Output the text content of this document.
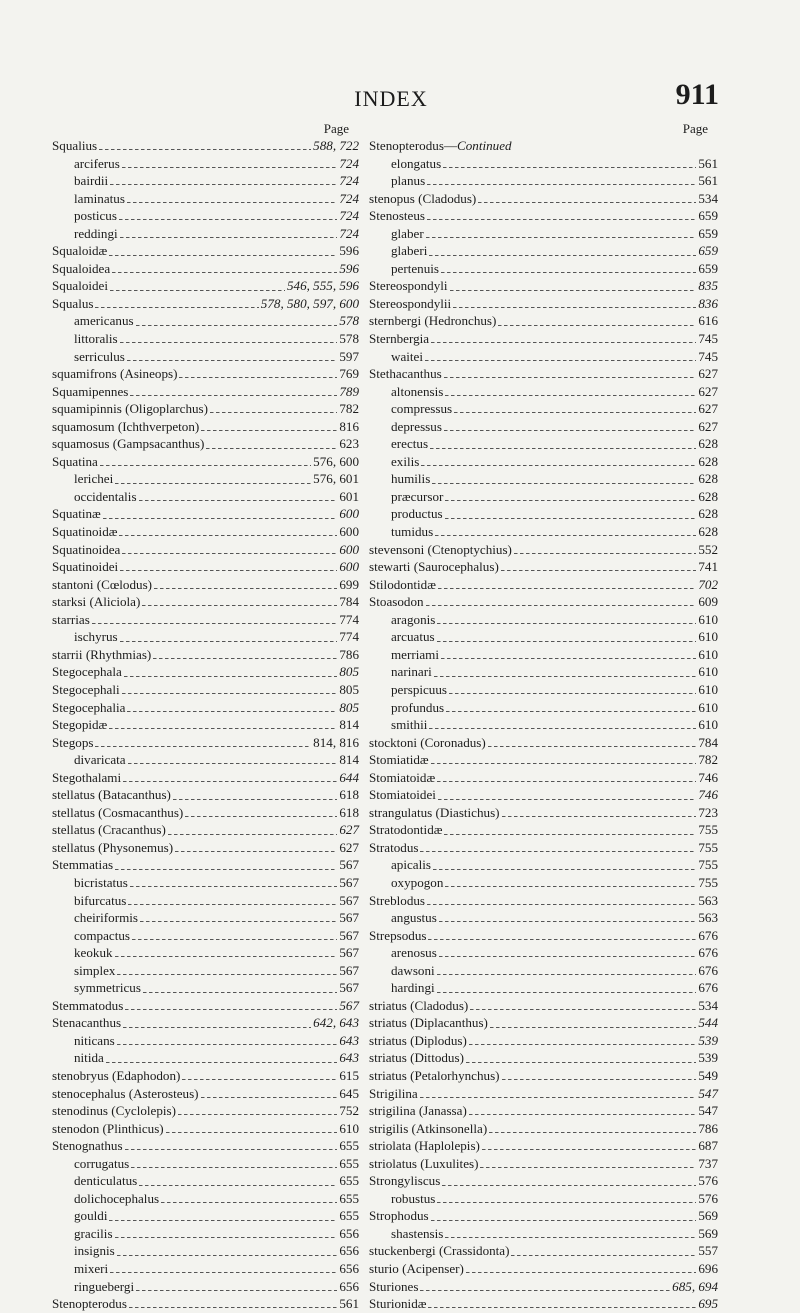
INDEX	911
Page
Squalius	588, 722
arciferus	724
bairdii	724
laminatus	724
posticus	724
reddingi	724
Squaloidæ	596
Squaloidea	596
Squaloidei	546, 555, 596
Squalus	578, 580, 597, 600
americanus	578
littoralis	578
serriculus	597
squamifrons (Asineops)	769
Squamipennes	789
squamipinnis (Oligoplarchus)	782
squamosum (Ichthverpeton)	816
squamosus (Gampsacanthus)	623
Squatina	576, 600
lerichei	576, 601
occidentalis	601
Squatinæ	600
Squatinoidæ	600
Squatinoidea	600
Squatinoidei	600
stantoni (Cœlodus)	699
starksi (Aliciola)	784
starrias	774
ischyrus	774
starrii (Rhythmias)	786
Stegocephala	805
Stegocephali	805
Stegocephalia	805
Stegopidæ	814
Stegops	814, 816
divaricata	814
Stegothalami	644
stellatus (Batacanthus)	618
stellatus (Cosmacanthus)	618
stellatus (Cracanthus)	627
stellatus (Physonemus)	627
Stemmatias	567
bicristatus	567
bifurcatus	567
cheiriformis	567
compactus	567
keokuk	567
simplex	567
symmetricus	567
Stemmatodus	567
Stenacanthus	642, 643
niticans	643
nitida	643
stenobryus (Edaphodon)	615
stenocephalus (Asterosteus)	645
stenodinus (Cyclolepis)	752
stenodon (Plinthicus)	610
Stenognathus	655
corrugatus	655
denticulatus	655
dolichocephalus	655
gouldi	655
gracilis	656
insignis	656
mixeri	656
ringuebergi	656
Stenopterodus	561
Page
Stenopterodus—Continued
elongatus	561
planus	561
stenopus (Cladodus)	534
Stenosteus	659
glaber	659
glaberi	659
pertenuis	659
Stereospondyli	835
Stereospondylii	836
sternbergi (Hedronchus)	616
Sternbergia	745
waitei	745
Stethacanthus	627
altonensis	627
compressus	627
depressus	627
erectus	628
exilis	628
humilis	628
præcursor	628
productus	628
tumidus	628
stevensoni (Ctenoptychius)	552
stewarti (Saurocephalus)	741
Stilodontidæ	702
Stoasodon	609
aragonis	610
arcuatus	610
merriami	610
narinari	610
perspicuus	610
profundus	610
smithii	610
stocktoni (Coronadus)	784
Stomiatidæ	782
Stomiatoidæ	746
Stomiatoidei	746
strangulatus (Diastichus)	723
Stratodontidæ	755
Stratodus	755
apicalis	755
oxypogon	755
Streblodus	563
angustus	563
Strepsodus	676
arenosus	676
dawsoni	676
hardingi	676
striatus (Cladodus)	534
striatus (Diplacanthus)	544
striatus (Diplodus)	539
striatus (Dittodus)	539
striatus (Petalorhynchus)	549
Strigilina	547
strigilina (Janassa)	547
strigilis (Atkinsonella)	786
striolata (Haplolepis)	687
striolatus (Luxulites)	737
Strongyliscus	576
robustus	576
Strophodus	569
shastensis	569
stuckenbergi (Crassidonta)	557
sturio (Acipenser)	696
Sturiones	685, 694
Sturionidæ	695
